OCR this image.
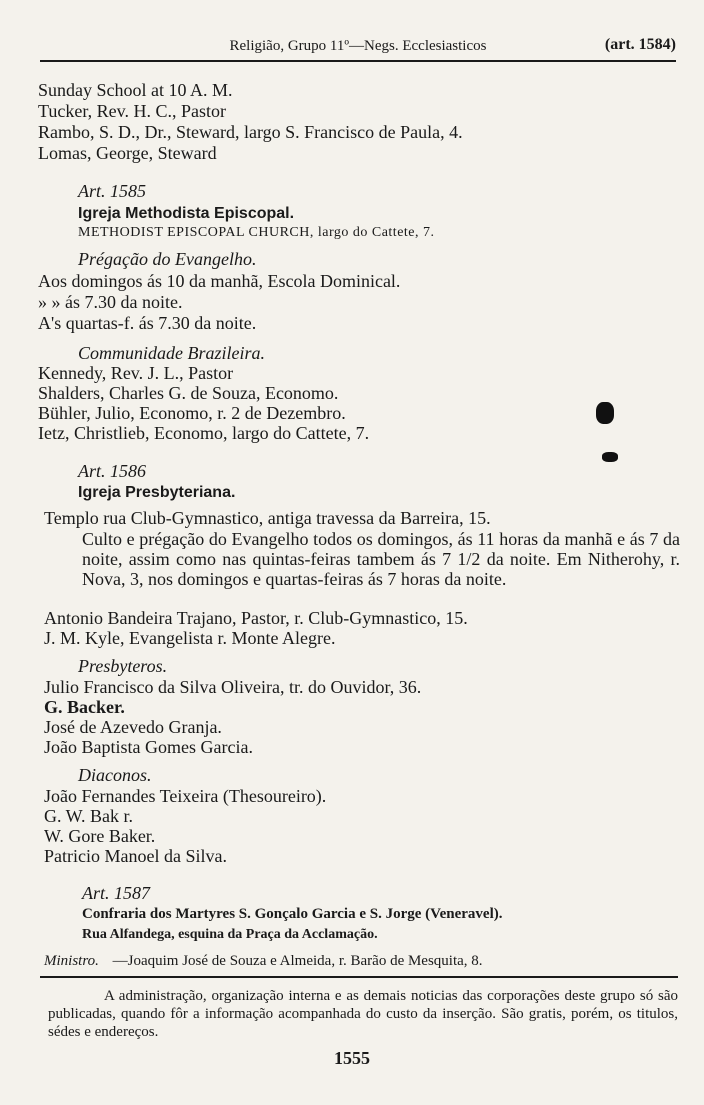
Religião, Grupo 11º—Negs. Ecclesiasticos	(art. 1584)
Sunday School at 10 A. M.
Tucker, Rev. H. C., Pastor
Rambo, S. D., Dr., Steward, largo S. Francisco de Paula, 4.
Lomas, George, Steward
Art. 1585
Igreja Methodista Episcopal.
METHODIST EPISCOPAL CHURCH, largo do Cattete, 7.
Prégação do Evangelho.
Aos domingos ás 10 da manhã, Escola Dominical.
» » ás 7.30 da noite.
A's quartas-f. ás 7.30 da noite.
Communidade Brazileira.
Kennedy, Rev. J. L., Pastor
Shalders, Charles G. de Souza, Economo.
Bühler, Julio, Economo, r. 2 de Dezembro.
Ietz, Christlieb, Economo, largo do Cattete, 7.
Art. 1586
Igreja Presbyteriana.
Templo rua Club-Gymnastico, antiga travessa da Barreira, 15.
Culto e prégação do Evangelho todos os domingos, ás 11 horas da manhã e ás 7 da noite, assim como nas quintas-feiras tambem ás 7 1/2 da noite. Em Nitherohy, r. Nova, 3, nos domingos e quartas-feiras ás 7 horas da noite.
Antonio Bandeira Trajano, Pastor, r. Club-Gymnastico, 15.
J. M. Kyle, Evangelista r. Monte Alegre.
Presbyteros.
Julio Francisco da Silva Oliveira, tr. do Ouvidor, 36.
G. Backer.
José de Azevedo Granja.
João Baptista Gomes Garcia.
Diaconos.
João Fernandes Teixeira (Thesoureiro).
G. W. Bak r.
W. Gore Baker.
Patricio Manoel da Silva.
Art. 1587
Confraria dos Martyres S. Gonçalo Garcia e S. Jorge (Veneravel).
Rua Alfandega, esquina da Praça da Acclamação.
Ministro. —Joaquim José de Souza e Almeida, r. Barão de Mesquita, 8.
A administração, organização interna e as demais noticias das corporações deste grupo só são publicadas, quando fôr a informação acompanhada do custo da inserção. São gratis, porém, os titulos, sédes e endereços.
1555
